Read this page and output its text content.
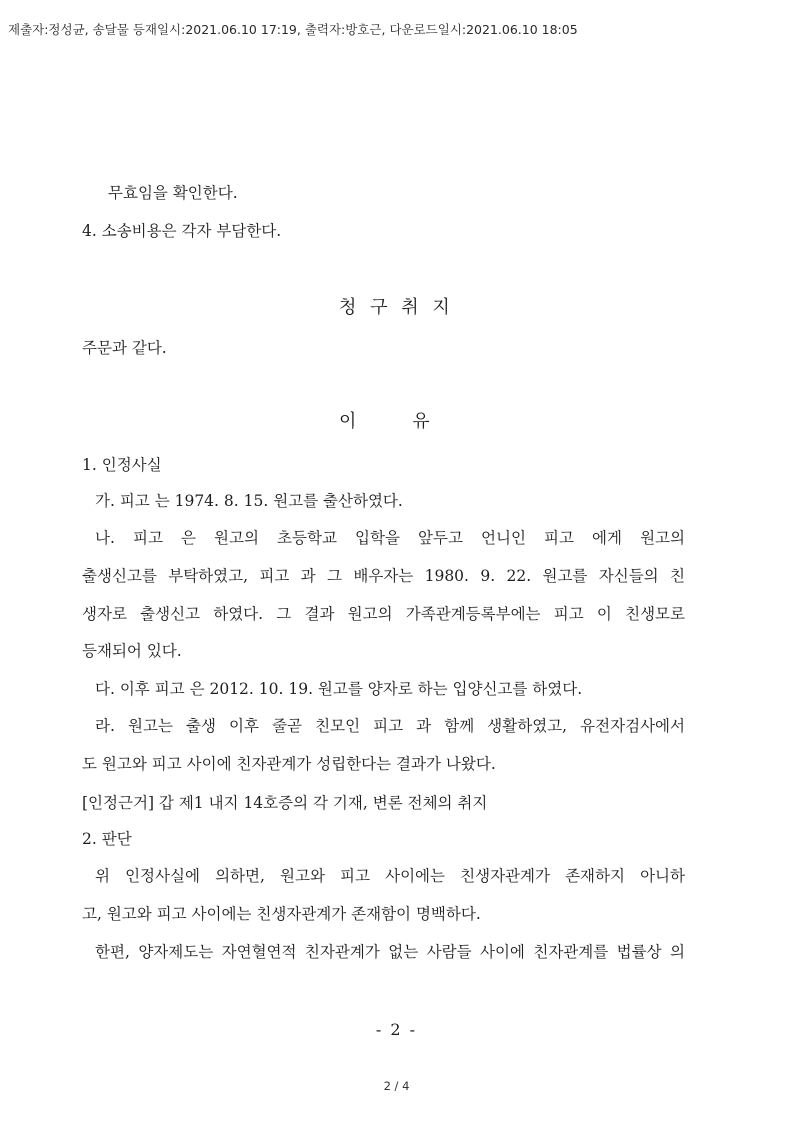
제출자:정성균, 송달물 등재일시:2021.06.10 17:19, 출력자:방호근, 다운로드일시:2021.06.10 18:05
무효임을 확인한다.
4. 소송비용은 각자 부담한다.
청 구 취 지
주문과 같다.
이	유
1. 인정사실
가. 피고 는 1974. 8. 15. 원고를 출산하였다.
나. 피고 은 원고의 초등학교 입학을 앞두고 언니인 피고 에게 원고의
출생신고를 부탁하였고, 피고 과 그 배우자는 1980. 9. 22. 원고를 자신들의 친
생자로 출생신고 하였다. 그 결과 원고의 가족관계등록부에는 피고 이 친생모로
등재되어 있다.
다. 이후 피고 은 2012. 10. 19. 원고를 양자로 하는 입양신고를 하였다.
라. 원고는 출생 이후 줄곧 친모인 피고 과 함께 생활하였고, 유전자검사에서
도 원고와 피고 사이에 친자관계가 성립한다는 결과가 나왔다.
[인정근거] 갑 제1 내지 14호증의 각 기재, 변론 전체의 취지
2. 판단
위 인정사실에 의하면, 원고와 피고 사이에는 친생자관계가 존재하지 아니하
고, 원고와 피고 사이에는 친생자관계가 존재함이 명백하다.
한편, 양자제도는 자연혈연적 친자관계가 없는 사람들 사이에 친자관계를 법률상 의
- 2 -
2 / 4
